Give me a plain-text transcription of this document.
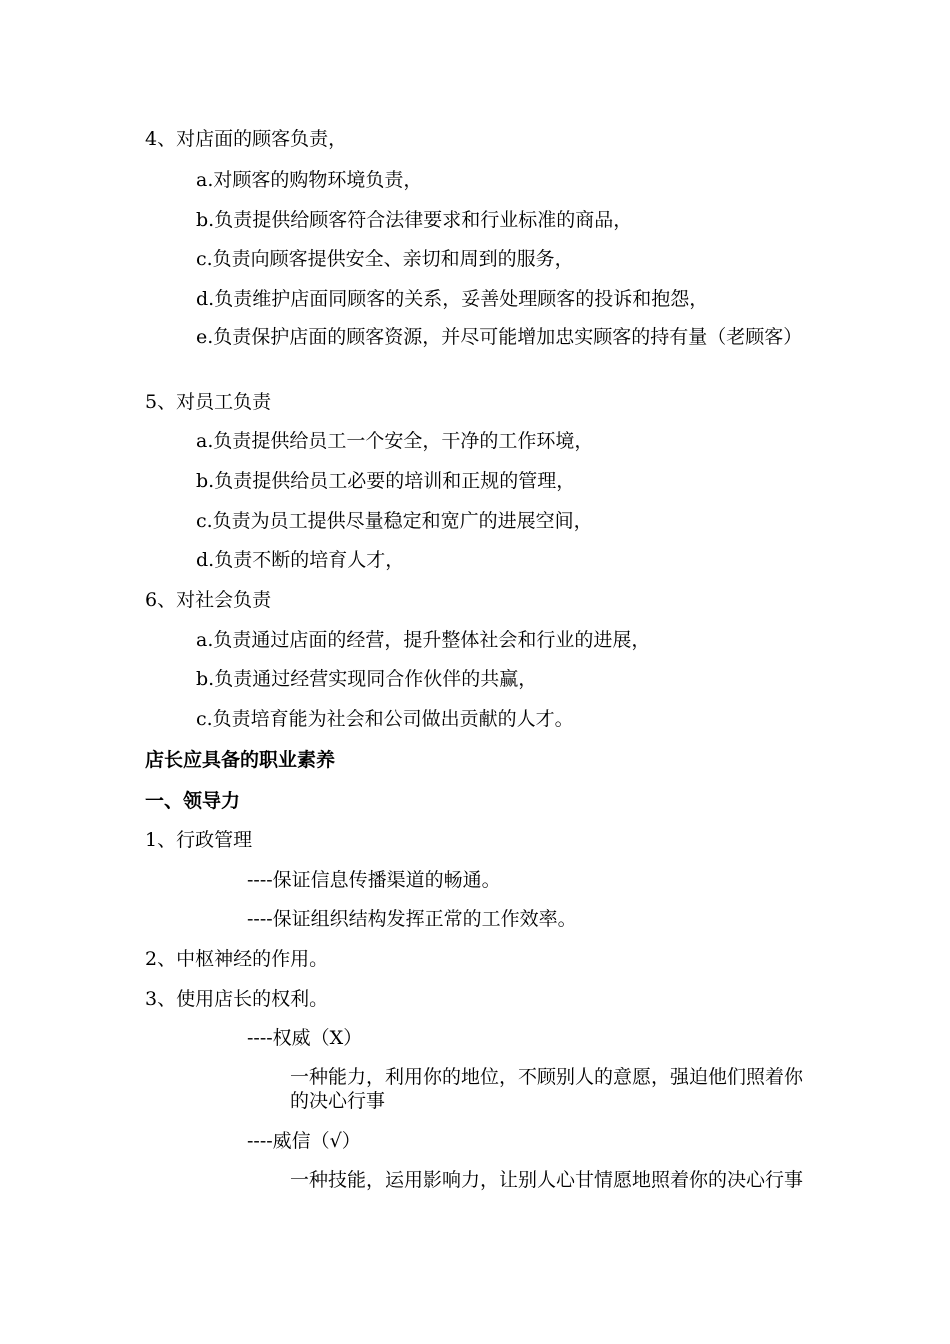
4、对店面的顾客负责，
a.对顾客的购物环境负责，
b.负责提供给顾客符合法律要求和行业标准的商品，
c.负责向顾客提供安全、亲切和周到的服务，
d.负责维护店面同顾客的关系，妥善处理顾客的投诉和抱怨，
e.负责保护店面的顾客资源，并尽可能增加忠实顾客的持有量（老顾客）
5、对员工负责
a.负责提供给员工一个安全，干净的工作环境，
b.负责提供给员工必要的培训和正规的管理，
c.负责为员工提供尽量稳定和宽广的进展空间，
d.负责不断的培育人才，
6、对社会负责
a.负责通过店面的经营，提升整体社会和行业的进展，
b.负责通过经营实现同合作伙伴的共赢，
c.负责培育能为社会和公司做出贡献的人才。
店长应具备的职业素养
一、领导力
1、行政管理
----保证信息传播渠道的畅通。
----保证组织结构发挥正常的工作效率。
2、中枢神经的作用。
3、使用店长的权利。
----权威（X）
一种能力，利用你的地位，不顾别人的意愿，强迫他们照着你的决心行事
----威信（√）
一种技能，运用影响力，让别人心甘情愿地照着你的决心行事
